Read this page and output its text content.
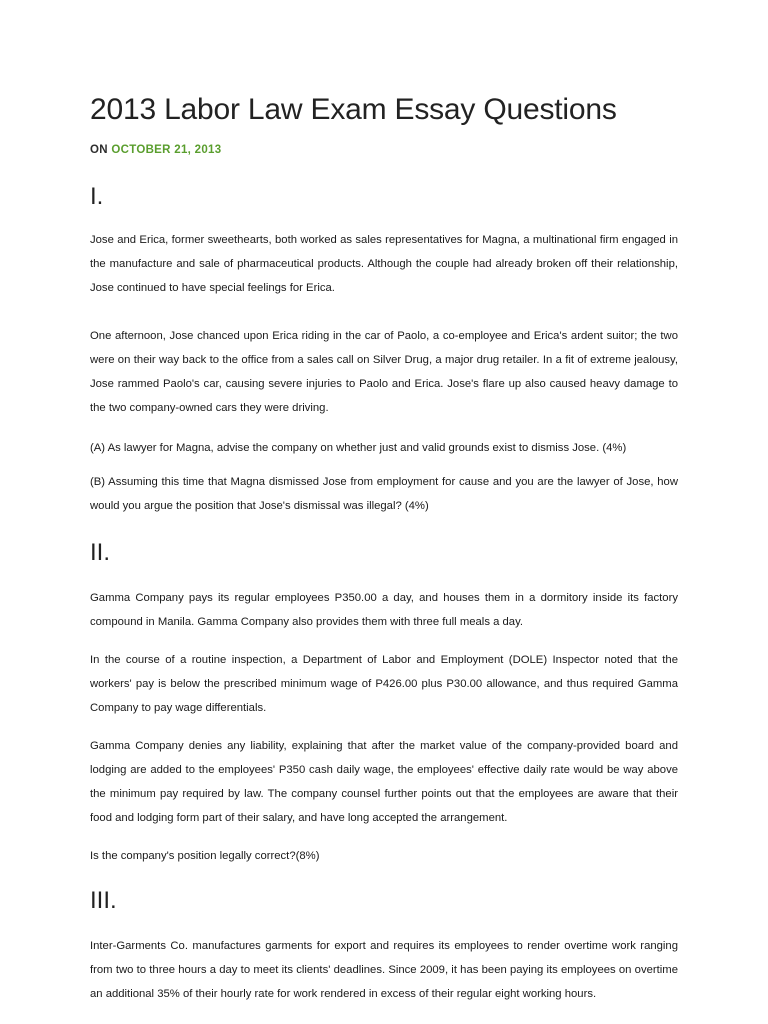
2013 Labor Law Exam Essay Questions
ON OCTOBER 21, 2013
I.

Jose and Erica, former sweethearts, both worked as sales representatives for Magna, a multinational firm engaged in the manufacture and sale of pharmaceutical products. Although the couple had already broken off their relationship, Jose continued to have special feelings for Erica.

One afternoon, Jose chanced upon Erica riding in the car of Paolo, a co-employee and Erica's ardent suitor; the two were on their way back to the office from a sales call on Silver Drug, a major drug retailer. In a fit of extreme jealousy, Jose rammed Paolo's car, causing severe injuries to Paolo and Erica. Jose's flare up also caused heavy damage to the two company-owned cars they were driving.

(A) As lawyer for Magna, advise the company on whether just and valid grounds exist to dismiss Jose. (4%)

(B) Assuming this time that Magna dismissed Jose from employment for cause and you are the lawyer of Jose, how would you argue the position that Jose's dismissal was illegal? (4%)

II.

Gamma Company pays its regular employees P350.00 a day, and houses them in a dormitory inside its factory compound in Manila. Gamma Company also provides them with three full meals a day.

In the course of a routine inspection, a Department of Labor and Employment (DOLE) Inspector noted that the workers' pay is below the prescribed minimum wage of P426.00 plus P30.00 allowance, and thus required Gamma Company to pay wage differentials.

Gamma Company denies any liability, explaining that after the market value of the company-provided board and lodging are added to the employees' P350 cash daily wage, the employees' effective daily rate would be way above the minimum pay required by law. The company counsel further points out that the employees are aware that their food and lodging form part of their salary, and have long accepted the arrangement.

Is the company's position legally correct?(8%)

III.

Inter-Garments Co. manufactures garments for export and requires its employees to render overtime work ranging from two to three hours a day to meet its clients' deadlines. Since 2009, it has been paying its employees on overtime an additional 35% of their hourly rate for work rendered in excess of their regular eight working hours.
